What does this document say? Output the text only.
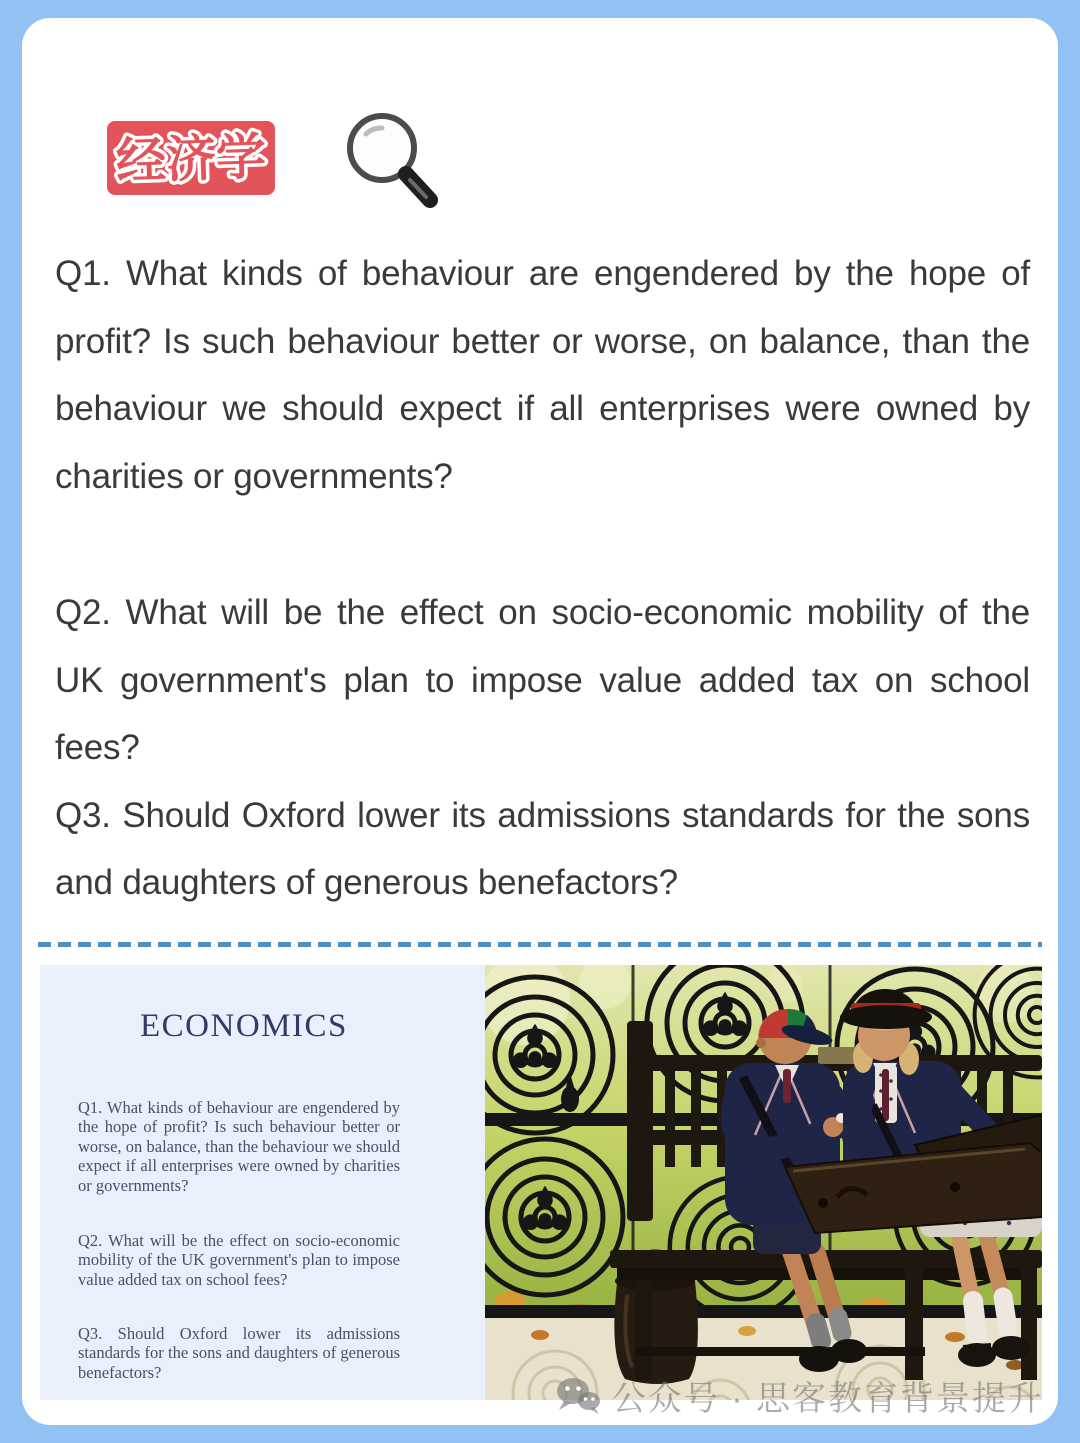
经济学

Q1. What kinds of behaviour are engendered by the hope of profit? Is such behaviour better or worse, on balance, than the behaviour we should expect if all enterprises were owned by charities or governments?

Q2. What will be the effect on socio-economic mobility of the UK government's plan to impose value added tax on school fees?

Q3. Should Oxford lower its admissions standards for the sons and daughters of generous benefactors?

ECONOMICS

Q1. What kinds of behaviour are engendered by the hope of profit? Is such behaviour better or worse, on balance, than the behaviour we should expect if all enterprises were owned by charities or governments?

Q2. What will be the effect on socio-economic mobility of the UK government's plan to impose value added tax on school fees?

Q3. Should Oxford lower its admissions standards for the sons and daughters of generous benefactors?

公众号 · 思客教育背景提升
